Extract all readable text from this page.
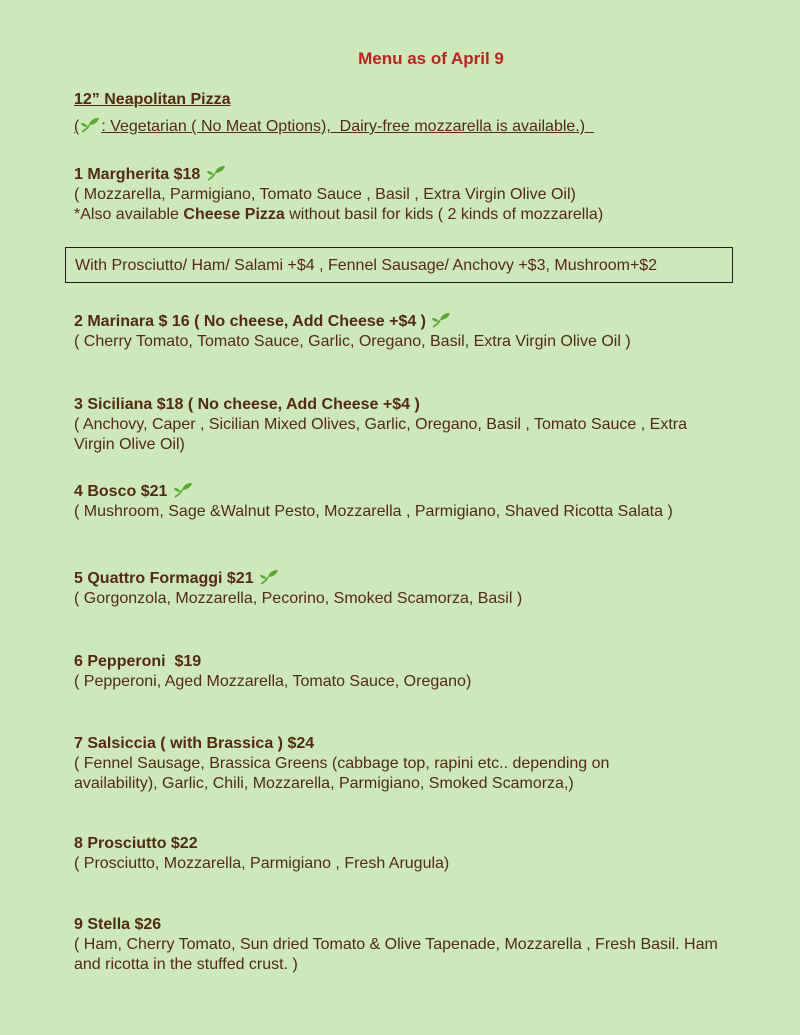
Menu as of April 9
12” Neapolitan Pizza
( : Vegetarian ( No Meat Options),  Dairy-free mozzarella is available.)
1 Margherita $18
( Mozzarella, Parmigiano, Tomato Sauce , Basil , Extra Virgin Olive Oil)
*Also available Cheese Pizza without basil for kids ( 2 kinds of mozzarella)
With Prosciutto/ Ham/ Salami +$4 , Fennel Sausage/ Anchovy +$3, Mushroom+$2
2 Marinara $ 16 ( No cheese, Add Cheese +$4 )
( Cherry Tomato, Tomato Sauce, Garlic, Oregano, Basil, Extra Virgin Olive Oil )
3 Siciliana $18 ( No cheese, Add Cheese +$4 )
( Anchovy, Caper , Sicilian Mixed Olives, Garlic, Oregano, Basil , Tomato Sauce , Extra Virgin Olive Oil)
4 Bosco $21
( Mushroom, Sage &Walnut Pesto, Mozzarella , Parmigiano, Shaved Ricotta Salata )
5 Quattro Formaggi $21
( Gorgonzola, Mozzarella, Pecorino, Smoked Scamorza, Basil )
6 Pepperoni  $19
( Pepperoni, Aged Mozzarella, Tomato Sauce, Oregano)
7 Salsiccia ( with Brassica ) $24
( Fennel Sausage, Brassica Greens (cabbage top, rapini etc.. depending on availability), Garlic, Chili, Mozzarella, Parmigiano, Smoked Scamorza,)
8 Prosciutto $22
( Prosciutto, Mozzarella, Parmigiano , Fresh Arugula)
9 Stella $26
( Ham, Cherry Tomato, Sun dried Tomato & Olive Tapenade, Mozzarella , Fresh Basil. Ham and ricotta in the stuffed crust. )
